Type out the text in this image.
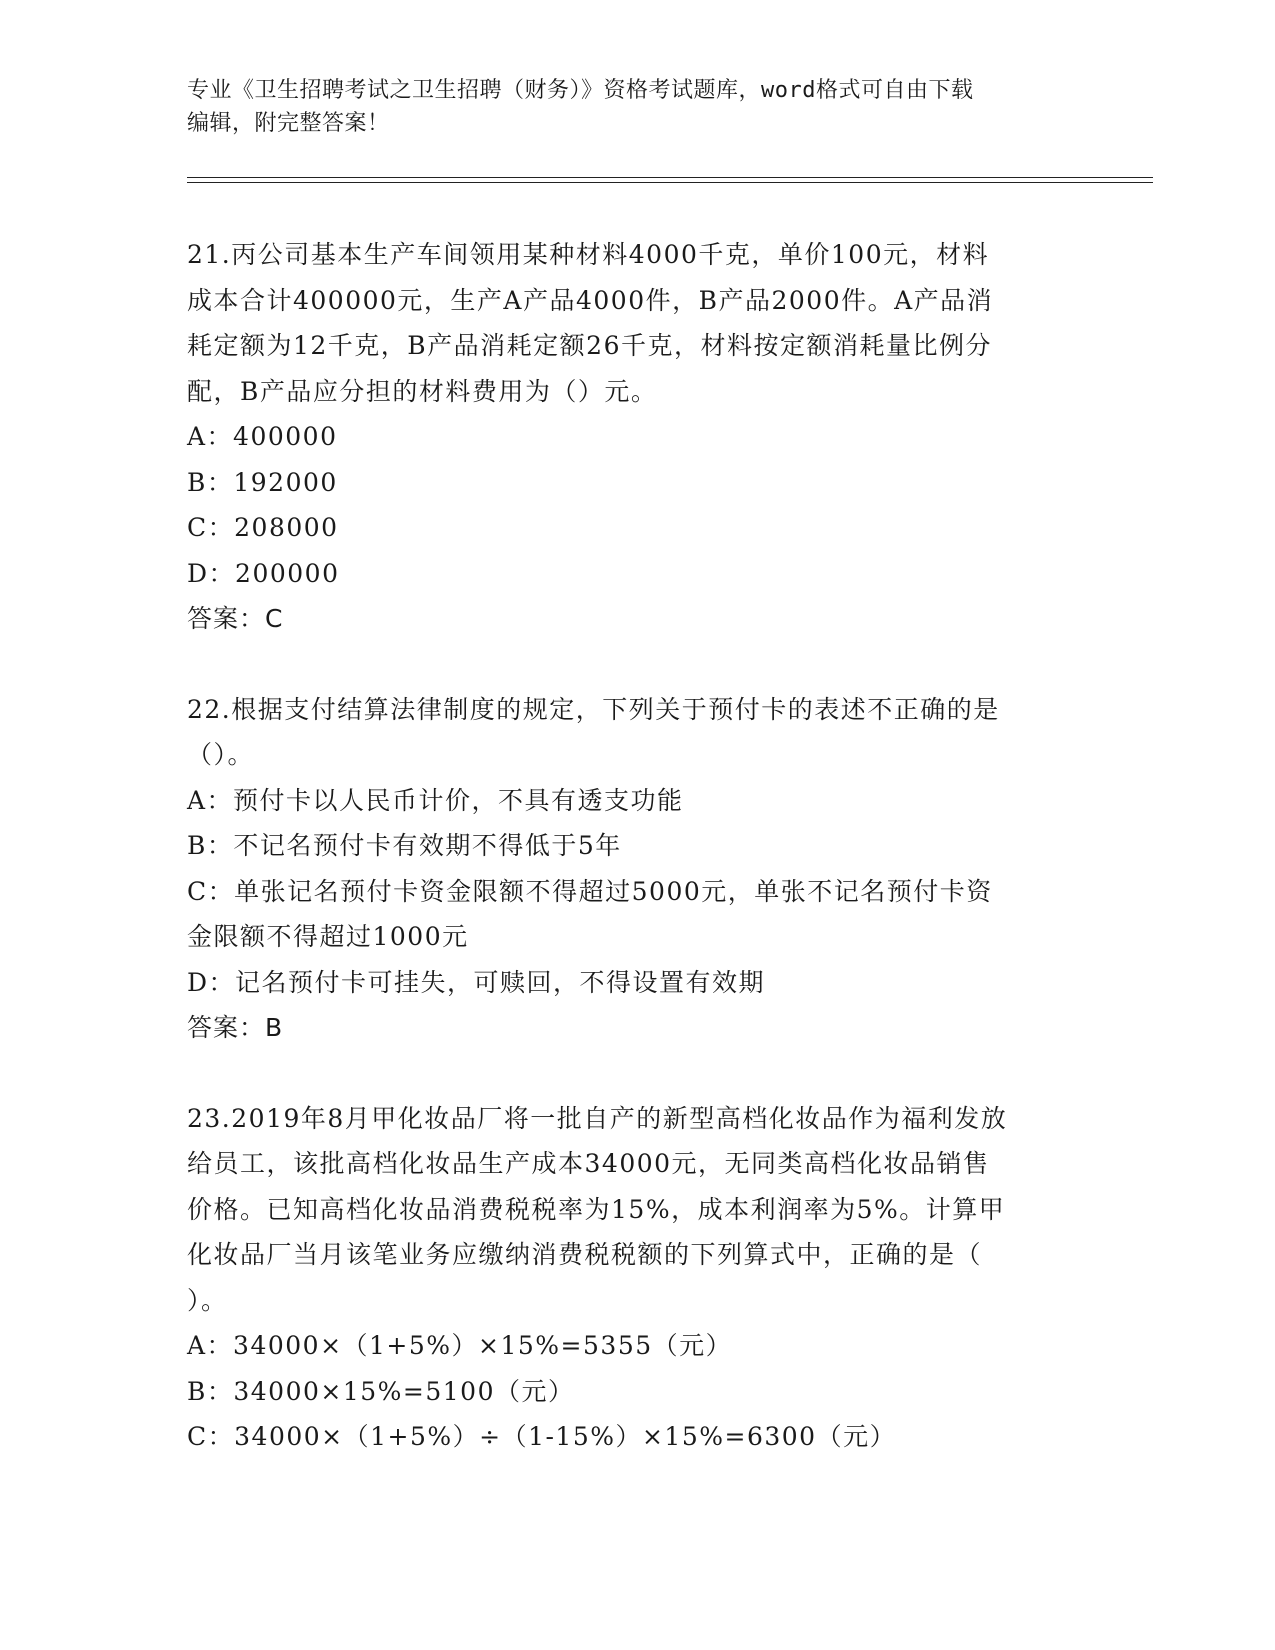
专业《卫生招聘考试之卫生招聘（财务）》资格考试题库，word格式可自由下载
编辑，附完整答案！
21.丙公司基本生产车间领用某种材料4000千克，单价100元，材料
成本合计400000元，生产A产品4000件，B产品2000件。A产品消
耗定额为12千克，B产品消耗定额26千克，材料按定额消耗量比例分
配，B产品应分担的材料费用为（）元。
A：400000
B：192000
C：208000
D：200000
答案：C
22.根据支付结算法律制度的规定，下列关于预付卡的表述不正确的是
（）。
A：预付卡以人民币计价，不具有透支功能
B：不记名预付卡有效期不得低于5年
C：单张记名预付卡资金限额不得超过5000元，单张不记名预付卡资
金限额不得超过1000元
D：记名预付卡可挂失，可赎回，不得设置有效期
答案：B
23.2019年8月甲化妆品厂将一批自产的新型高档化妆品作为福利发放
给员工，该批高档化妆品生产成本34000元，无同类高档化妆品销售
价格。已知高档化妆品消费税税率为15%，成本利润率为5%。计算甲
化妆品厂当月该笔业务应缴纳消费税税额的下列算式中，正确的是（
）。
A：34000×（1+5%）×15%=5355（元）
B：34000×15%=5100（元）
C：34000×（1+5%）÷（1-15%）×15%=6300（元）
